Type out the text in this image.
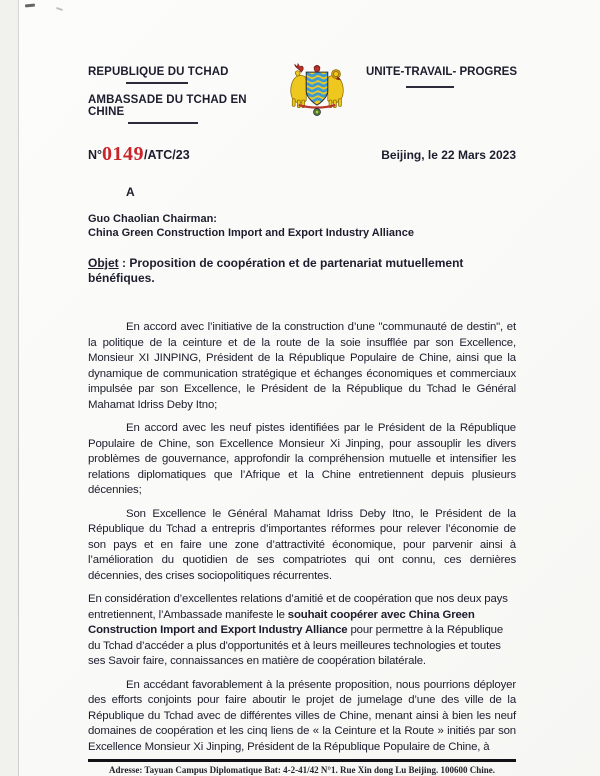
REPUBLIQUE DU TCHAD
AMBASSADE DU TCHAD EN CHINE
UNITE-TRAVAIL- PROGRES
N°0149/ATC/23	Beijing, le 22 Mars 2023
A
Guo Chaolian Chairman:
China Green Construction Import and Export Industry Alliance
Objet : Proposition de coopération et de partenariat mutuellement bénéfiques.

En accord avec l’initiative de la construction d’une "communauté de destin", et la politique de la ceinture et de la route de la soie insufflée par son Excellence, Monsieur XI JINPING, Président de la République Populaire de Chine, ainsi que la dynamique de communication stratégique et échanges économiques et commerciaux impulsée par son Excellence, le Président de la République du Tchad le Général Mahamat Idriss Deby Itno;

En accord avec les neuf pistes identifiées par le Président de la République Populaire de Chine, son Excellence Monsieur Xi Jinping, pour assouplir les divers problèmes de gouvernance, approfondir la compréhension mutuelle et intensifier les relations diplomatiques que l’Afrique et la Chine entretiennent depuis plusieurs décennies;

Son Excellence le Général Mahamat Idriss Deby Itno, le Président de la République du Tchad a entrepris d’importantes réformes pour relever l’économie de son pays et en faire une zone d’attractivité économique, pour parvenir ainsi à l’amélioration du quotidien de ses compatriotes qui ont connu, ces dernières décennies, des crises sociopolitiques récurrentes.

En considération d’excellentes relations d’amitié et de coopération que nos deux pays entretiennent, l’Ambassade manifeste le souhait coopérer avec China Green Construction Import and Export Industry Alliance pour permettre à la République du Tchad d’accéder a plus d'opportunités et à leurs meilleures technologies et toutes ses Savoir faire, connaissances en matière de coopération bilatérale.

En accédant favorablement à la présente proposition, nous pourrions déployer des efforts conjoints pour faire aboutir le projet de jumelage d’une des ville de la République du Tchad avec de différentes villes de Chine, menant ainsi à bien les neuf domaines de coopération et les cinq liens de « la Ceinture et la Route » initiés par son Excellence Monsieur Xi Jinping, Président de la République Populaire de Chine, à

Adresse: Tayuan Campus Diplomatique Bat: 4-2-41/42 N°1. Rue Xin dong Lu Beijing. 100600 Chine.
